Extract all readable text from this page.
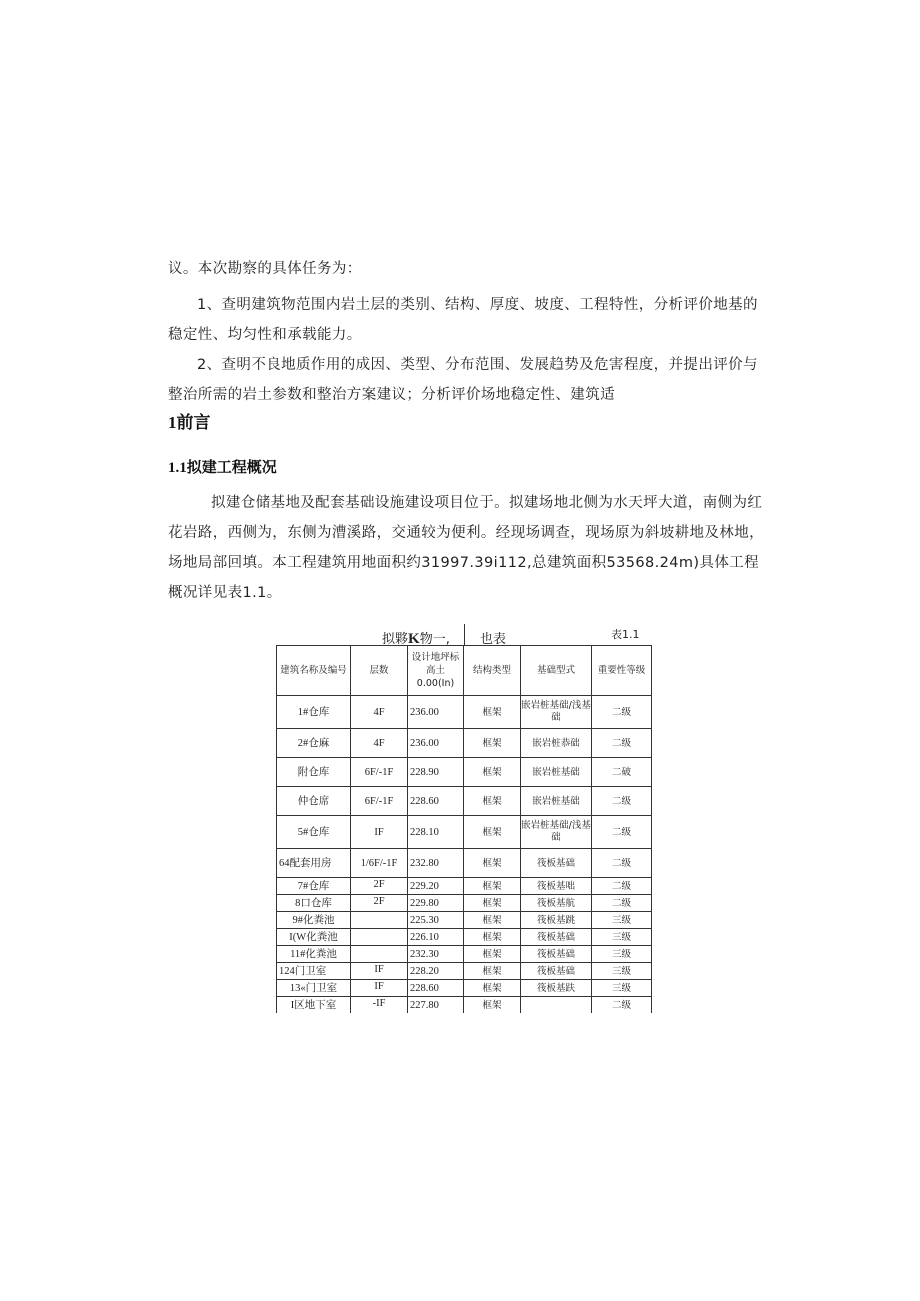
议。本次勘察的具体任务为：

1、查明建筑物范围内岩土层的类别、结构、厚度、坡度、工程特性，分析评价地基的稳定性、均匀性和承载能力。

2、查明不良地质作用的成因、类型、分布范围、发展趋势及危害程度，并提出评价与整治所需的岩土参数和整治方案建议；分析评价场地稳定性、建筑适

1前言
1.1拟建工程概况

拟建仓储基地及配套基础设施建设项目位于。拟建场地北侧为水天坪大道，南侧为红花岩路，西侧为，东侧为漕溪路，交通较为便利。经现场调查，现场原为斜坡耕地及林地，场地局部回填。本工程建筑用地面积约31997.39i112,总建筑面积53568.24m)具体工程概况详见表1.1。

拟夥K物一, 也表	表1.1
建筑名称及编号	层数	设计地坪标高土0.00(In)	结构类型	基础型式	重要性等级
1#仓库	4F	236.00	框架	嵌岩桩基础/浅基础	二级
2#仓麻	4F	236.00	框架	嵌岩桩恭础	二级
附仓库	6F/-1F	228.90	框架	嵌岩桩基础	二破
仲仓席	6F/-1F	228.60	框架	嵌岩桩基础	二级
5#仓库	IF	228.10	框架	嵌岩桩基础/浅基础	二级
64配套用房	1/6F/-1F	232.80	框架	筏板基础	二级
7#仓库	2F	229.20	框架	筏板基咄	二级
8口仓库	2F	229.80	框架	筏板基航	二级
9#化粪池		225.30	框架	筏板基跳	三级
I(W化粪池		226.10	框架	筏板基础	三级
11#化粪池		232.30	框架	筏板基础	三级
124门卫室	IF	228.20	框架	筏板基础	三级
13«门卫室	IF	228.60	框架	筏板基趺	三级
I区地下室	-IF	227.80	框架		二级
